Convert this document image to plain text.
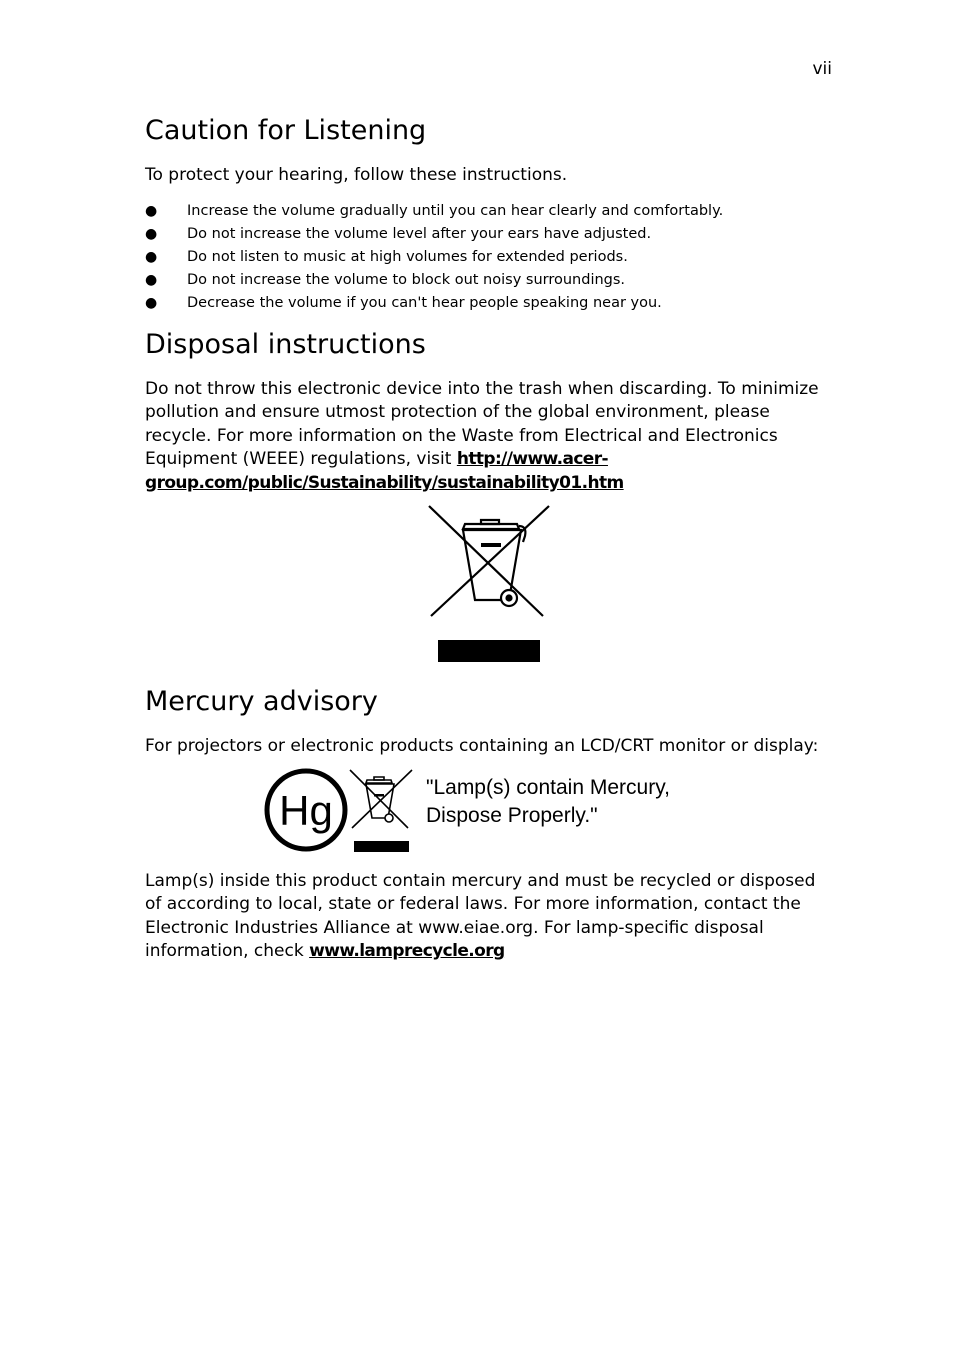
vii
Caution for Listening

To protect your hearing, follow these instructions.

● Increase the volume gradually until you can hear clearly and comfortably.
● Do not increase the volume level after your ears have adjusted.
● Do not listen to music at high volumes for extended periods.
● Do not increase the volume to block out noisy surroundings.
● Decrease the volume if you can't hear people speaking near you.
Disposal instructions

Do not throw this electronic device into the trash when discarding. To minimize pollution and ensure utmost protection of the global environment, please recycle. For more information on the Waste from Electrical and Electronics Equipment (WEEE) regulations, visit http://www.acer-group.com/public/Sustainability/sustainability01.htm

Mercury advisory

For projectors or electronic products containing an LCD/CRT monitor or display:

Lamp(s) inside this product contain mercury and must be recycled or disposed of according to local, state or federal laws. For more information, contact the Electronic Industries Alliance at www.eiae.org. For lamp-specific disposal information, check www.lamprecycle.org

Hg	"Lamp(s) contain Mercury,
Dispose Properly."
